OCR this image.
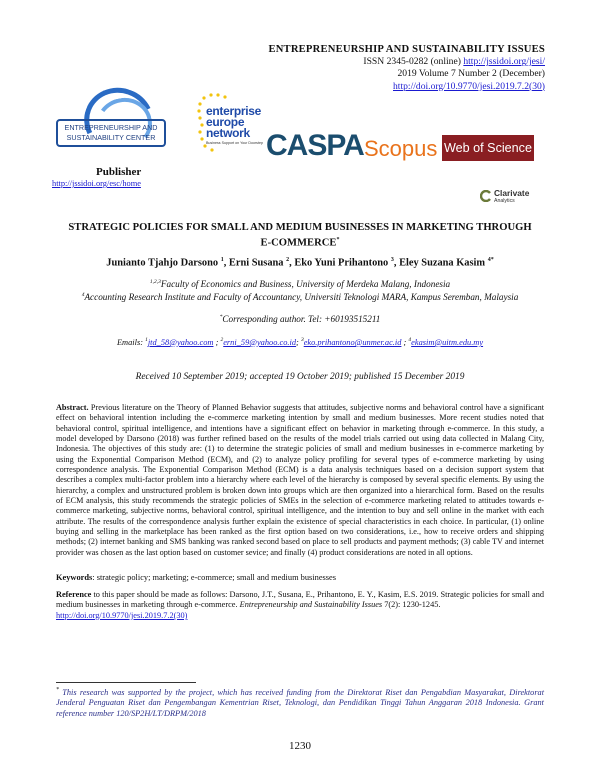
ENTREPRENEURSHIP AND SUSTAINABILITY ISSUES
ISSN 2345-0282 (online) http://jssidoi.org/jesi/
2019 Volume 7 Number 2 (December)
http://doi.org/10.9770/jesi.2019.7.2(30)
ENTREPRENEURSHIP AND
SUSTAINABILITY CENTER
Publisher
http://jssidoi.org/esc/home
enterprise
europe
network
Business Support on Your Doorstep CASPA Scopus Web of Science
Clarivate
Analytics
STRATEGIC POLICIES FOR SMALL AND MEDIUM BUSINESSES IN MARKETING THROUGH
E-COMMERCE*
Junianto Tjahjo Darsono $^1$, Erni Susana $^2$, Eko Yuni Prihantono $^3$, Eley Suzana Kasim $^{4*}$
$^{1,2,3}$Faculty of Economics and Business, University of Merdeka Malang, Indonesia
$^4$Accounting Research Institute and Faculty of Accountancy, Universiti Teknologi MARA, Kampus Seremban, Malaysia
*Corresponding author. Tel: +60193515211
Emails: $^1$jtd_58@yahoo.com ; $^2$erni_59@yahoo.co.id; $^3$eko.prihantono@unmer.ac.id ; $^4$ekasim@uitm.edu.my
Received 10 September 2019; accepted 19 October 2019; published 15 December 2019
Abstract. Previous literature on the Theory of Planned Behavior suggests that attitudes, subjective norms and behavioral control have a significant effect on behavioral intention including the e-commerce marketing intention by small and medium businesses. More recent studies noted that behavioral control, spiritual intelligence, and intentions have a significant effect on behavior in marketing through e-commerce. In this study, a model developed by Darsono (2018) was further refined based on the results of the model trials carried out using data collected in Malang City, Indonesia. The objectives of this study are: (1) to determine the strategic policies of small and medium businesses in e-commerce marketing by using the Exponential Comparison Method (ECM), and (2) to analyze policy profiling for several types of e-commerce marketing by using correspondence analysis. The Exponential Comparison Method (ECM) is a data analysis techniques based on a decision support system that describes a complex multi-factor problem into a hierarchy where each level of the hierarchy is composed by several specific elements. By using the hierarchy, a complex and unstructured problem is broken down into groups which are then organized into a hierarchical form. Based on the results of ECM analysis, this study recommends the strategic policies of SMEs in the selection of e-commerce marketing related to attitudes towards e-commerce marketing, subjective norms, behavioral control, spiritual intelligence, and the intention to buy and sell online in the market with each attribute. The results of the correspondence analysis further explain the existence of special characteristics in each choice. In particular, (1) online buying and selling in the marketplace has been ranked as the first option based on two considerations, i.e., how to receive orders and shipping methods; (2) internet banking and SMS banking was ranked second based on place to sell products and payment methods; (3) cable TV and internet provider was chosen as the last option based on customer sevice; and finally (4) product considerations are noted in all options.
Keywords: strategic policy; marketing; e-commerce; small and medium businesses
Reference to this paper should be made as follows: Darsono, J.T., Susana, E., Prihantono, E. Y., Kasim, E.S. 2019. Strategic policies for small and medium businesses in marketing through e-commerce. Entrepreneurship and Sustainability Issues 7(2): 1230-1245.
http://doi.org/10.9770/jesi.2019.7.2(30)
* This research was supported by the project, which has received funding from the Direktorat Riset dan Pengabdian Masyarakat, Direktorat Jenderal Penguatan Riset dan Pengembangan Kementrian Riset, Teknologi, dan Pendidikan Tinggi Tahun Anggaran 2018 Indonesia. Grant reference number 120/SP2H/LT/DRPM/2018
1230
